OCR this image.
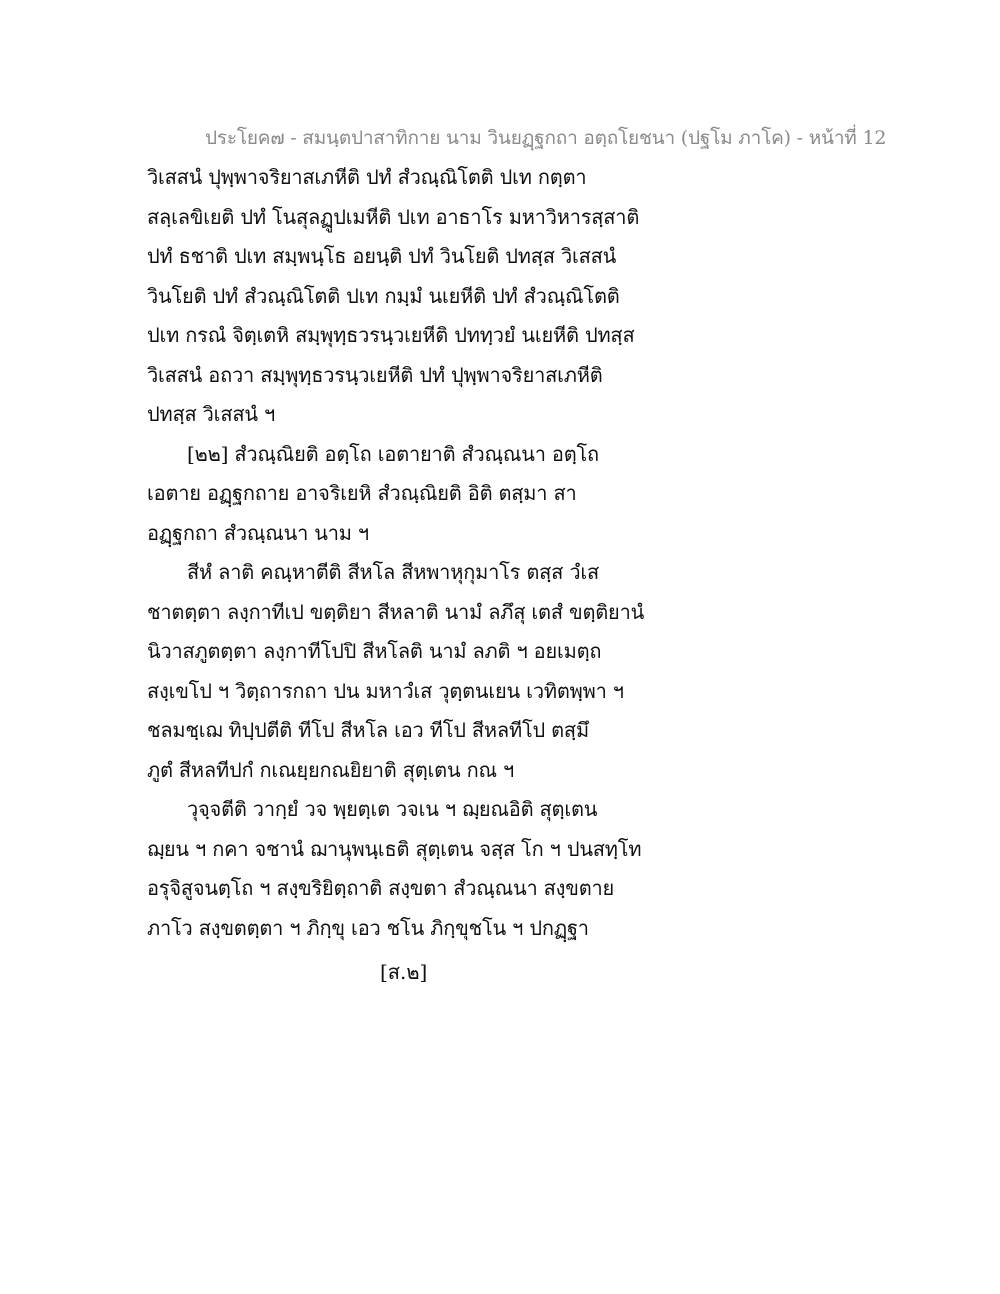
ประโยค๗ - สมนฺตปาสาทิกาย นาม วินยฏฺฐกถา อตฺถโยชนา (ปฐโม ภาโค) - หน้าที่ 12
วิเสสนํ ปุพฺพาจริยาสเภหีติ ปทํ สํวณฺณิโตติ ปเท กตฺตา
สลฺเลขิเยติ ปทํ โนสุลฏูปเมหีติ ปเท อาธาโร มหาวิหารสฺสาติ
ปทํ ธชาติ ปเท สมฺพนฺโธ อยนฺติ ปทํ วินโยติ ปทสฺส วิเสสนํ
วินโยติ ปทํ สํวณฺณิโตติ ปเท กมฺมํ นเยหีติ ปทํ สํวณฺณิโตติ
ปเท กรณํ จิตฺเตหิ สมฺพุทฺธวรนฺวเยหีติ ปททฺวยํ นเยหีติ ปทสฺส
วิเสสนํ อถวา สมฺพุทฺธวรนฺวเยหีติ ปทํ ปุพฺพาจริยาสเภหีติ
ปทสฺส วิเสสนํ ฯ
[๒๒] สํวณฺณิยติ อตฺโถ เอตายาติ สํวณฺณนา อตฺโถ
เอตาย อฏฺฐกถาย อาจริเยหิ สํวณฺณิยติ อิติ ตสฺมา สา
อฏฺฐกถา สํวณฺณนา นาม ฯ
สีหํ ลาติ คณฺหาตีติ สีหโล สีหพาหุกุมาโร ตสฺส วํเส
ชาตตฺตา ลงฺกาทีเป ขตฺติยา สีหลาติ นามํ ลภึสุ เตสํ ขตฺติยานํ
นิวาสภูตตฺตา ลงฺกาทีโปปิ สีหโลติ นามํ ลภติ ฯ อยเมตฺถ
สงฺเขโป ฯ วิตฺถารกถา ปน มหาวํเส วุตฺตนเยน เวทิตพฺพา ฯ
ชลมชฺเฌ ทิปฺปตีติ ทีโป สีหโล เอว ทีโป สีหลทีโป ตสฺมึ
ภูตํ สีหลทีปกํ กเณยฺยกณยิยาติ สุตฺเตน กณ ฯ
วุจฺจตีติ วากฺยํ วจ พฺยตฺเต วจเน ฯ ฌฺยณอิติ สุตฺเตน
ฌฺยน ฯ กคา จชานํ ฌานุพนฺเธติ สุตฺเตน จสฺส โก ฯ ปนสทฺโท
อรุจิสูจนตฺโถ ฯ สงฺขริยิตฺถาติ สงฺขตา สํวณฺณนา สงฺขตาย
ภาโว สงฺขตตฺตา ฯ ภิกฺขุ เอว ชโน ภิกฺขุชโน ฯ ปกฏฺฐา
[ส.๒]
